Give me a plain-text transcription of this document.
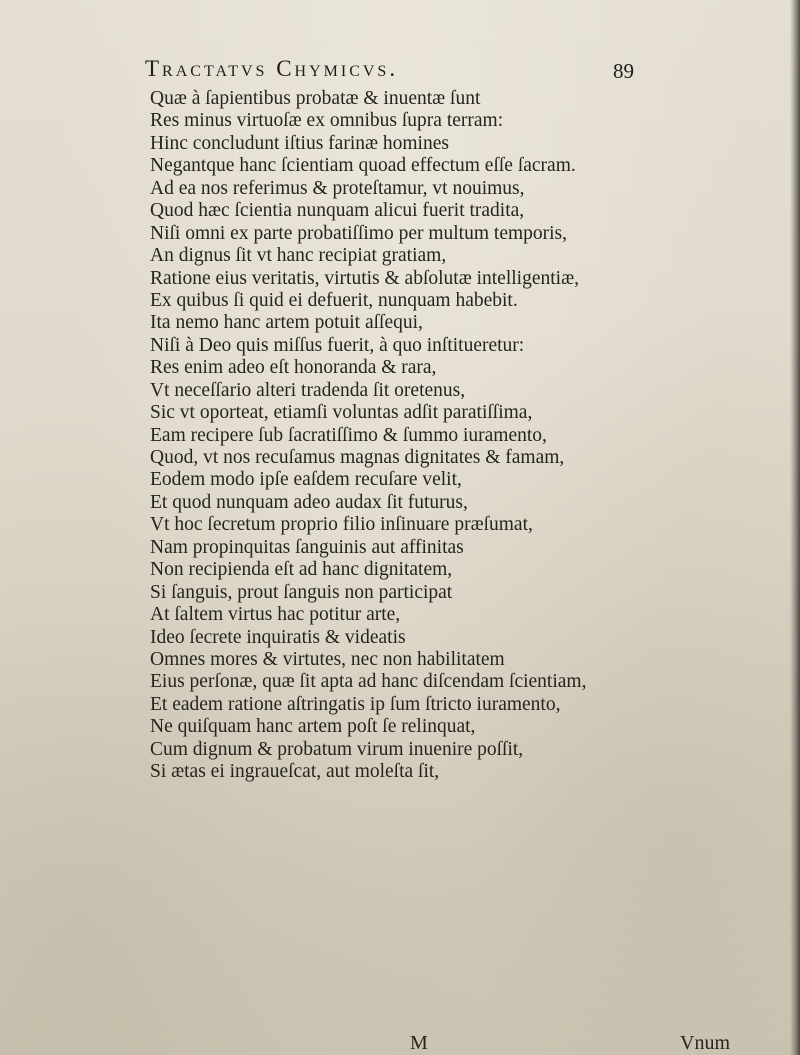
Tractatvs Chymicvs.	89
Quæ à ſapientibus probatæ & inuentæ ſunt
Res minus virtuoſæ ex omnibus ſupra terram:
Hinc concludunt iſtius farinæ homines
Negantque hanc ſcientiam quoad effectum eſſe ſacram.
Ad ea nos referimus & proteſtamur, vt nouimus,
Quod hæc ſcientia nunquam alicui fuerit tradita,
Niſi omni ex parte probatiſſimo per multum temporis,
An dignus ſit vt hanc recipiat gratiam,
Ratione eius veritatis, virtutis & abſolutæ intelligentiæ,
Ex quibus ſi quid ei defuerit, nunquam habebit.
Ita nemo hanc artem potuit aſſequi,
Niſi à Deo quis miſſus fuerit, à quo inſtitueretur:
Res enim adeo eſt honoranda & rara,
Vt neceſſario alteri tradenda ſit oretenus,
Sic vt oporteat, etiamſi voluntas adſit paratiſſima,
Eam recipere ſub ſacratiſſimo & ſummo iuramento,
Quod, vt nos recuſamus magnas dignitates & famam,
Eodem modo ipſe eaſdem recuſare velit,
Et quod nunquam adeo audax ſit futurus,
Vt hoc ſecretum proprio filio inſinuare præſumat,
Nam propinquitas ſanguinis aut affinitas
Non recipienda eſt ad hanc dignitatem,
Si ſanguis, prout ſanguis non participat
At ſaltem virtus hac potitur arte,
Ideo ſecrete inquiratis & videatis
Omnes mores & virtutes, nec non habilitatem
Eius perſonæ, quæ ſit apta ad hanc diſcendam ſcientiam,
Et eadem ratione aſtringatis ip ſum ſtricto iuramento,
Ne quiſquam hanc artem poſt ſe relinquat,
Cum dignum & probatum virum inuenire poſſit,
Si ætas ei ingraueſcat, aut moleſta ſit,
M	Vnum
